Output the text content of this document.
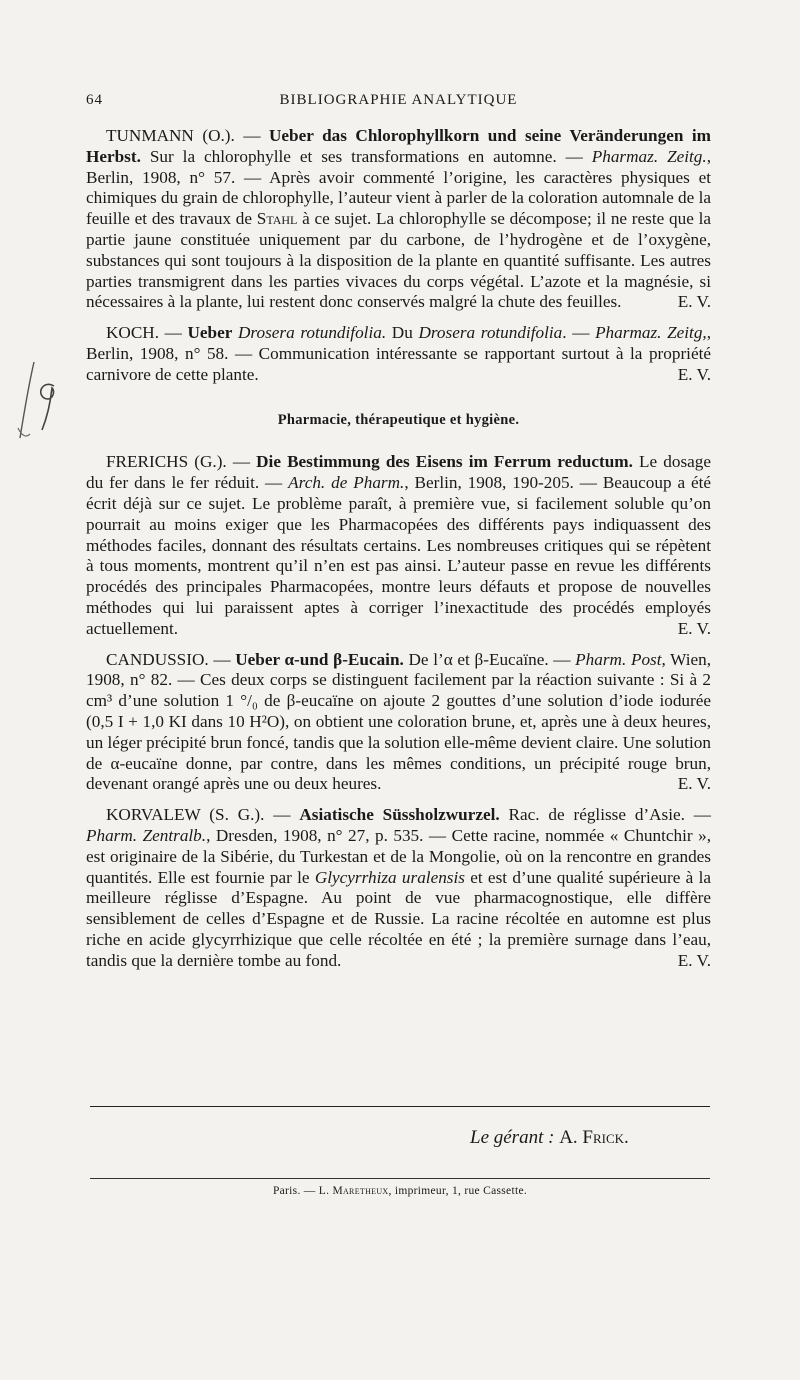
64	BIBLIOGRAPHIE ANALYTIQUE

TUNMANN (O.). — Ueber das Chlorophyllkorn und seine Veränderungen im Herbst. Sur la chlorophylle et ses transformations en automne. — Pharmaz. Zeitg., Berlin, 1908, n° 57. — Après avoir commenté l’origine, les caractères physiques et chimiques du grain de chlorophylle, l’auteur vient à parler de la coloration automnale de la feuille et des travaux de Stahl à ce sujet. La chlorophylle se décompose; il ne reste que la partie jaune constituée uniquement par du carbone, de l’hydrogène et de l’oxygène, substances qui sont toujours à la disposition de la plante en quantité suffisante. Les autres parties transmigrent dans les parties vivaces du corps végétal. L’azote et la magnésie, si nécessaires à la plante, lui restent donc conservés malgré la chute des feuilles.	E. V.

KOCH. — Ueber Drosera rotundifolia. Du Drosera rotundifolia. — Pharmaz. Zeitg,, Berlin, 1908, n° 58. — Communication intéressante se rapportant surtout à la propriété carnivore de cette plante.	E. V.

Pharmacie, thérapeutique et hygiène.

FRERICHS (G.). — Die Bestimmung des Eisens im Ferrum reductum. Le dosage du fer dans le fer réduit. — Arch. de Pharm., Berlin, 1908, 190-205. — Beaucoup a été écrit déjà sur ce sujet. Le problème paraît, à première vue, si facilement soluble qu’on pourrait au moins exiger que les Pharmacopées des différents pays indiquassent des méthodes faciles, donnant des résultats certains. Les nombreuses critiques qui se répètent à tous moments, montrent qu’il n’en est pas ainsi. L’auteur passe en revue les différents procédés des principales Pharmacopées, montre leurs défauts et propose de nouvelles méthodes qui lui paraissent aptes à corriger l’inexactitude des procédés employés actuellement.	E. V.

CANDUSSIO. — Ueber α-und β-Eucain. De l’α et β-Eucaïne. — Pharm. Post, Wien, 1908, n° 82. — Ces deux corps se distinguent facilement par la réaction suivante : Si à 2 cm³ d’une solution 1 °/₀ de β-eucaïne on ajoute 2 gouttes d’une solution d’iode iodurée (0,5 I + 1,0 KI dans 10 H²O), on obtient une coloration brune, et, après une à deux heures, un léger précipité brun foncé, tandis que la solution elle-même devient claire. Une solution de α-eucaïne donne, par contre, dans les mêmes conditions, un précipité rouge brun, devenant orangé après une ou deux heures.	E. V.

KORVALEW (S. G.). — Asiatische Süssholzwurzel. Rac. de réglisse d’Asie. — Pharm. Zentralb., Dresden, 1908, n° 27, p. 535. — Cette racine, nommée « Chuntchir », est originaire de la Sibérie, du Turkestan et de la Mongolie, où on la rencontre en grandes quantités. Elle est fournie par le Glycyrrhiza uralensis et est d’une qualité supérieure à la meilleure réglisse d’Espagne. Au point de vue pharmacognostique, elle diffère sensiblement de celles d’Espagne et de Russie. La racine récoltée en automne est plus riche en acide glycyrrhizique que celle récoltée en été ; la première surnage dans l’eau, tandis que la dernière tombe au fond.	E. V.

Le gérant : A. Frick.
Paris. — L. Maretheux, imprimeur, 1, rue Cassette.
